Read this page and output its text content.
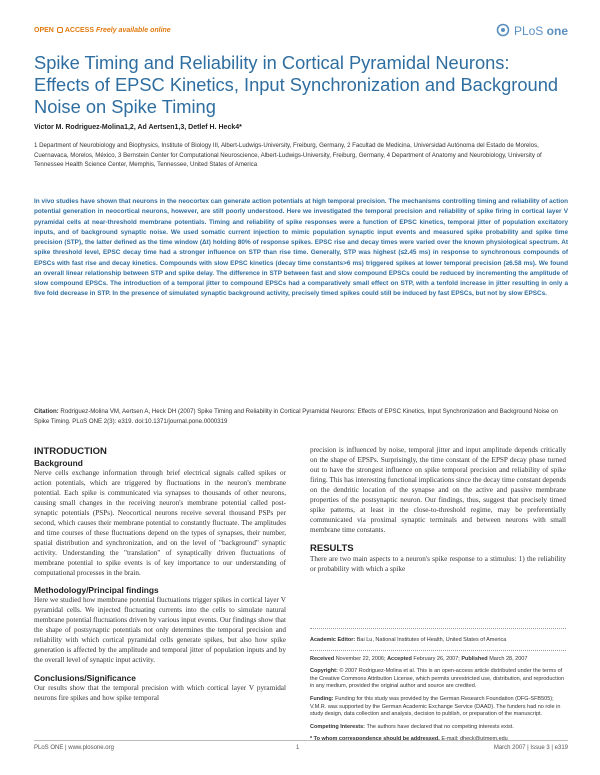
OPEN ACCESS Freely available online	PLoS one
Spike Timing and Reliability in Cortical Pyramidal Neurons: Effects of EPSC Kinetics, Input Synchronization and Background Noise on Spike Timing
Victor M. Rodriguez-Molina1,2, Ad Aertsen1,3, Detlef H. Heck4*
1 Department of Neurobiology and Biophysics, Institute of Biology III, Albert-Ludwigs-University, Freiburg, Germany, 2 Facultad de Medicina, Universidad Autónoma del Estado de Morelos, Cuernavaca, Morelos, México, 3 Bernstein Center for Computational Neuroscience, Albert-Ludwigs-University, Freiburg, Germany, 4 Department of Anatomy and Neurobiology, University of Tennessee Health Science Center, Memphis, Tennessee, United States of America

In vivo studies have shown that neurons in the neocortex can generate action potentials at high temporal precision. The mechanisms controlling timing and reliability of action potential generation in neocortical neurons, however, are still poorly understood. Here we investigated the temporal precision and reliability of spike firing in cortical layer V pyramidal cells at near-threshold membrane potentials. Timing and reliability of spike responses were a function of EPSC kinetics, temporal jitter of population excitatory inputs, and of background synaptic noise. We used somatic current injection to mimic population synaptic input events and measured spike probability and spike time precision (STP), the latter defined as the time window (Δt) holding 80% of response spikes. EPSC rise and decay times were varied over the known physiological spectrum. At spike threshold level, EPSC decay time had a stronger influence on STP than rise time. Generally, STP was highest (≤2.45 ms) in response to synchronous compounds of EPSCs with fast rise and decay kinetics. Compounds with slow EPSC kinetics (decay time constants>6 ms) triggered spikes at lower temporal precision (≥6.58 ms). We found an overall linear relationship between STP and spike delay. The difference in STP between fast and slow compound EPSCs could be reduced by incrementing the amplitude of slow compound EPSCs. The introduction of a temporal jitter to compound EPSCs had a comparatively small effect on STP, with a tenfold increase in jitter resulting in only a five fold decrease in STP. In the presence of simulated synaptic background activity, precisely timed spikes could still be induced by fast EPSCs, but not by slow EPSCs.

Citation: Rodriguez-Molina VM, Aertsen A, Heck DH (2007) Spike Timing and Reliability in Cortical Pyramidal Neurons: Effects of EPSC Kinetics, Input Synchronization and Background Noise on Spike Timing. PLoS ONE 2(3): e319. doi:10.1371/journal.pone.0000319
INTRODUCTION
Background

Nerve cells exchange information through brief electrical signals called spikes or action potentials, which are triggered by fluctuations in the neuron's membrane potential. Each spike is communicated via synapses to thousands of other neurons, causing small changes in the receiving neuron's membrane potential called post-synaptic potentials (PSPs). Neocortical neurons receive several thousand PSPs per second, which causes their membrane potential to constantly fluctuate. The amplitudes and time courses of these fluctuations depend on the types of synapses, their number, spatial distribution and synchronization, and on the level of "background" synaptic activity. Understanding the "translation" of synaptically driven fluctuations of membrane potential to spike events is of key importance to our understanding of computational processes in the brain.

Methodology/Principal findings

Here we studied how membrane potential fluctuations trigger spikes in cortical layer V pyramidal cells. We injected fluctuating currents into the cells to simulate natural membrane potential fluctuations driven by various input events. Our findings show that the shape of postsynaptic potentials not only determines the temporal precision and reliability with which cortical pyramidal cells generate spikes, but also how spike generation is affected by the amplitude and temporal jitter of population inputs and by the overall level of synaptic input activity.

Conclusions/Significance

Our results show that the temporal precision with which cortical layer V pyramidal neurons fire spikes and how spike temporal

precision is influenced by noise, temporal jitter and input amplitude depends critically on the shape of EPSPs. Surprisingly, the time constant of the EPSP decay phase turned out to have the strongest influence on spike temporal precision and reliability of spike firing. This has interesting functional implications since the decay time constant depends on the dendritic location of the synapse and on the active and passive membrane properties of the postsynaptic neuron. Our findings, thus, suggest that precisely timed spike patterns, at least in the close-to-threshold regime, may be preferentially communicated via proximal synaptic terminals and between neurons with small membrane time constants.

RESULTS

There are two main aspects to a neuron's spike response to a stimulus: 1) the reliability or probability with which a spike

Academic Editor: Bai Lu, National Institutes of Health, United States of America
Received November 22, 2006; Accepted February 26, 2007; Published March 28, 2007
Copyright: © 2007 Rodriguez-Molina et al. This is an open-access article distributed under the terms of the Creative Commons Attribution License, which permits unrestricted use, distribution, and reproduction in any medium, provided the original author and source are credited.
Funding: Funding for this study was provided by the German Research Foundation (DFG-SFB505); V.M.R. was supported by the German Academic Exchange Service (DAAD). The funders had no role in study design, data collection and analysis, decision to publish, or preparation of the manuscript.
Competing Interests: The authors have declared that no competing interests exist.
* To whom correspondence should be addressed. E-mail: dheck@utmem.edu
PLoS ONE | www.plosone.org	1	March 2007 | Issue 3 | e319
